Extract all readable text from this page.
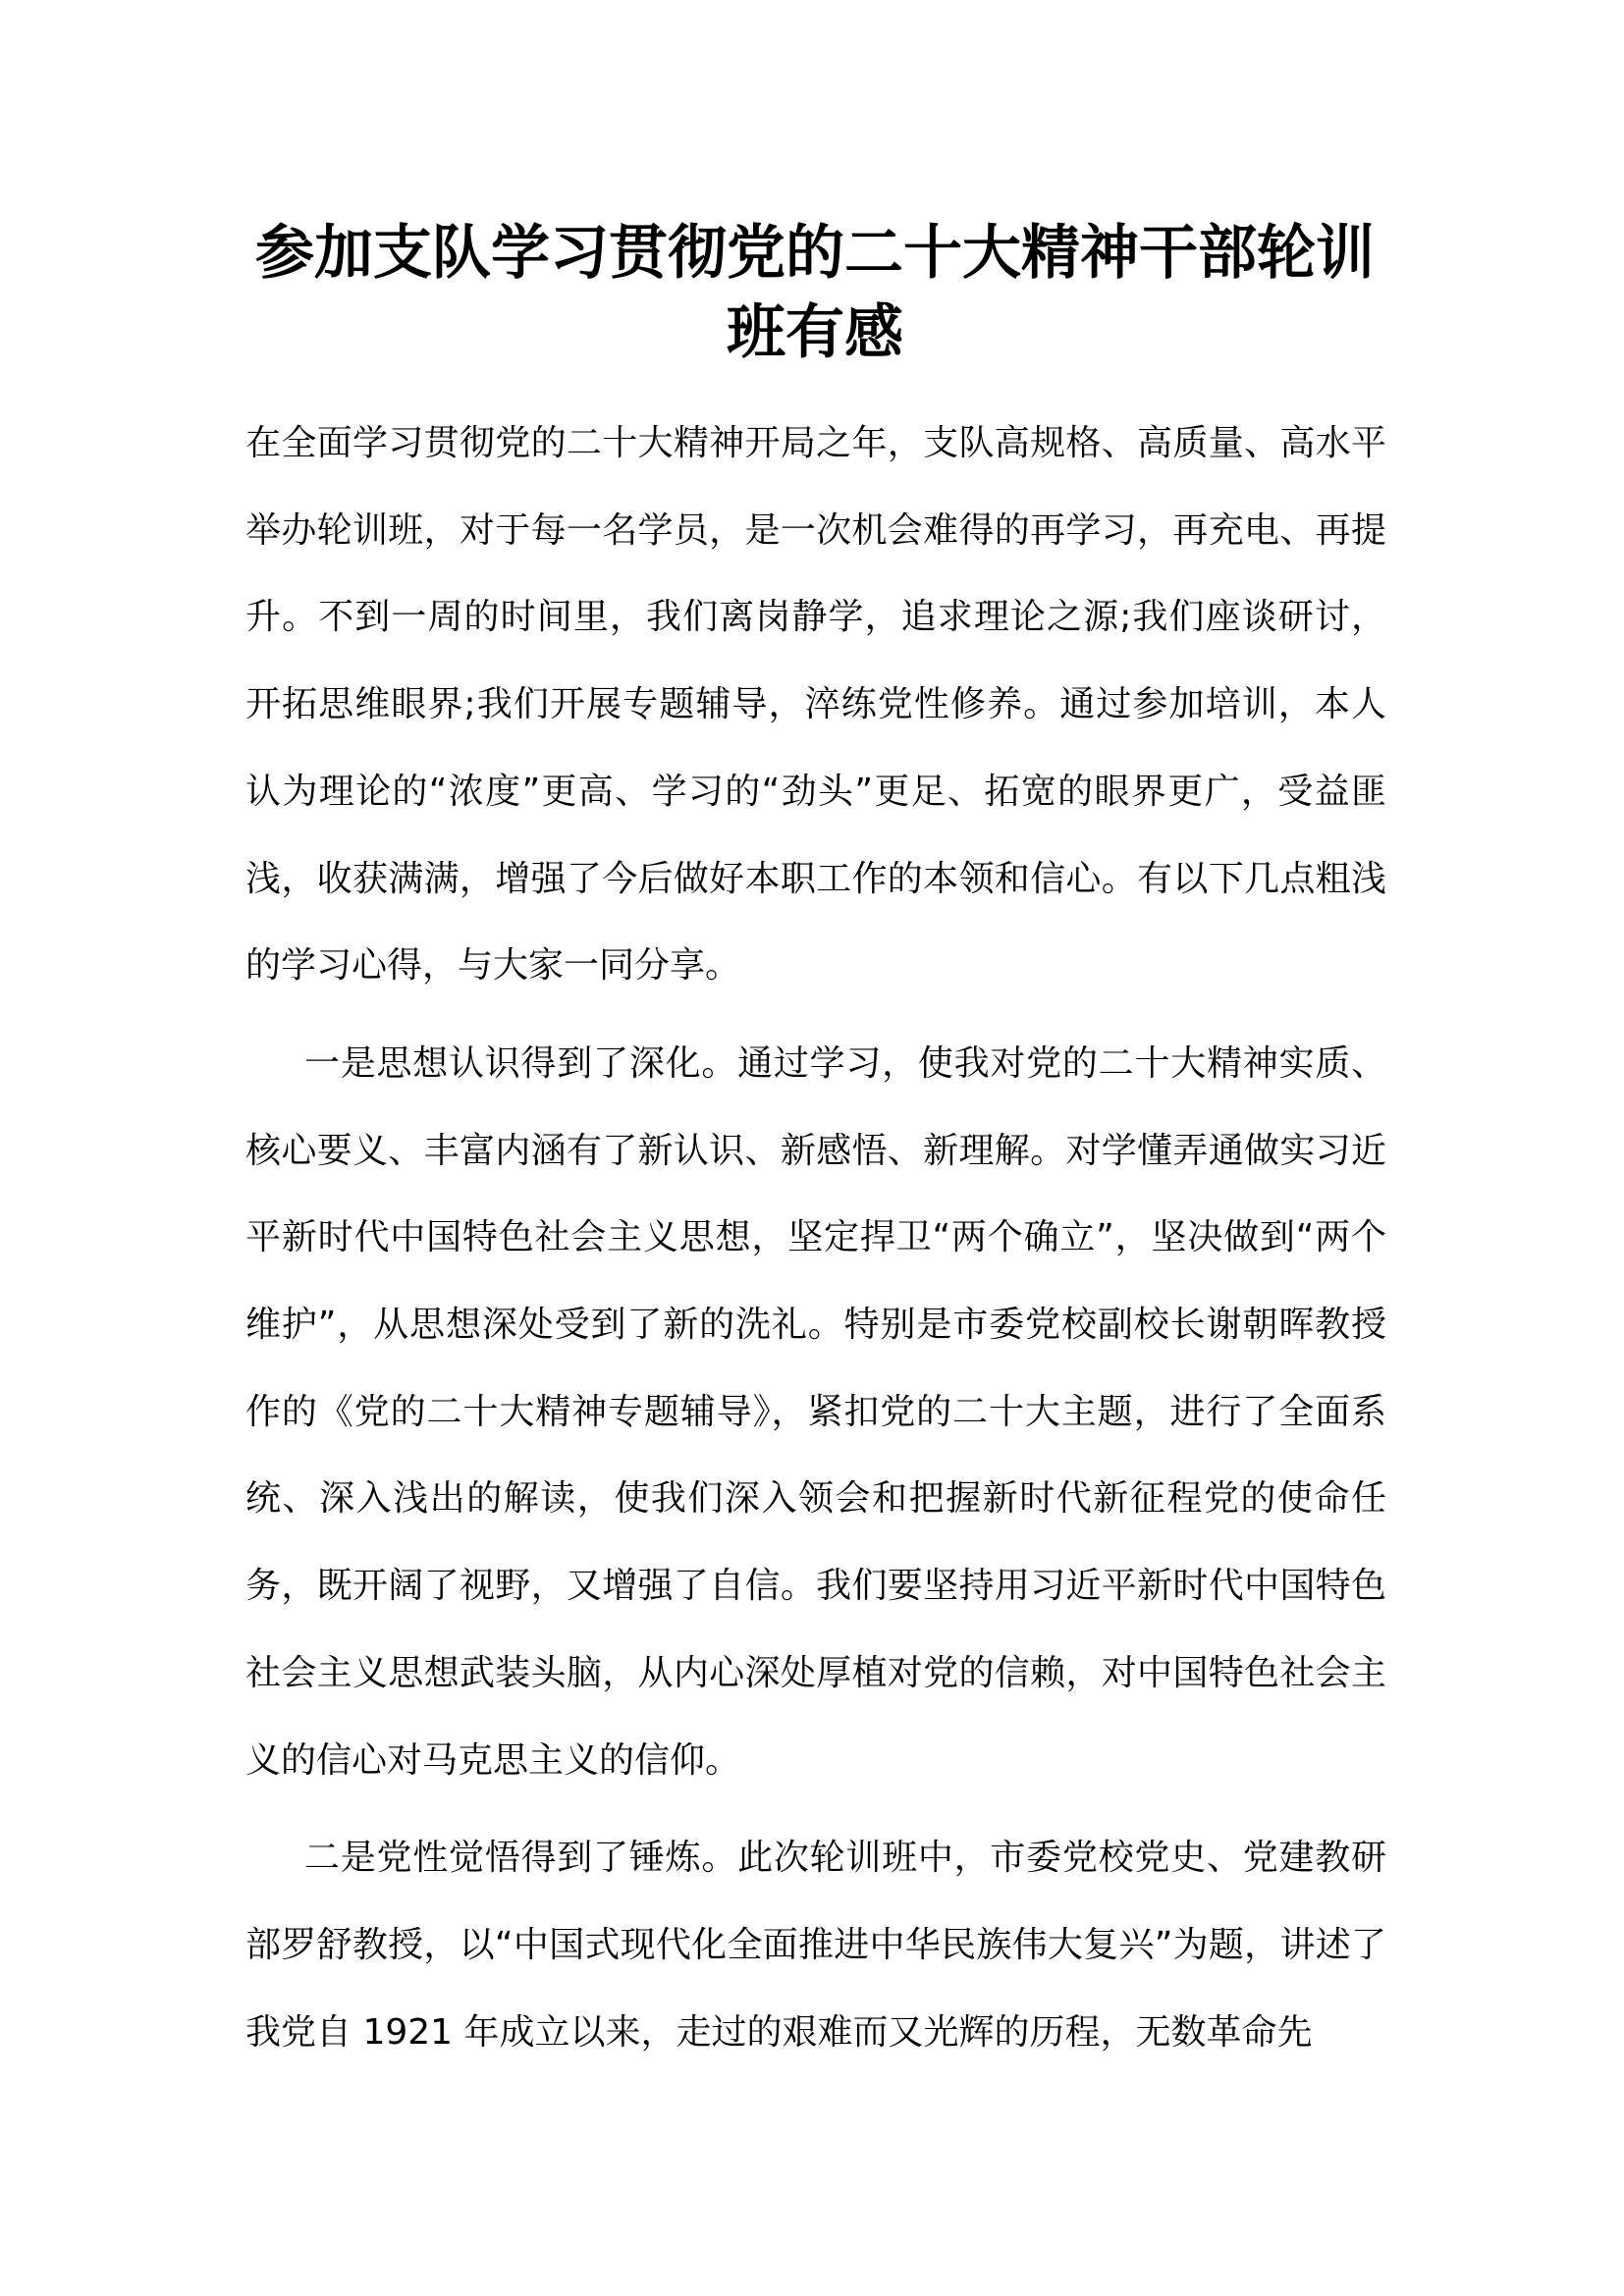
参加支队学习贯彻党的二十大精神干部轮训班有感

在全面学习贯彻党的二十大精神开局之年，支队高规格、高质量、高水平举办轮训班，对于每一名学员，是一次机会难得的再学习，再充电、再提升。不到一周的时间里，我们离岗静学，追求理论之源;我们座谈研讨，开拓思维眼界;我们开展专题辅导，淬练党性修养。通过参加培训，本人认为理论的“浓度”更高、学习的“劲头”更足、拓宽的眼界更广，受益匪浅，收获满满，增强了今后做好本职工作的本领和信心。有以下几点粗浅的学习心得，与大家一同分享。

一是思想认识得到了深化。通过学习，使我对党的二十大精神实质、核心要义、丰富内涵有了新认识、新感悟、新理解。对学懂弄通做实习近平新时代中国特色社会主义思想，坚定捍卫“两个确立”，坚决做到“两个维护”，从思想深处受到了新的洗礼。特别是市委党校副校长谢朝晖教授作的《党的二十大精神专题辅导》，紧扣党的二十大主题，进行了全面系统、深入浅出的解读，使我们深入领会和把握新时代新征程党的使命任务，既开阔了视野，又增强了自信。我们要坚持用习近平新时代中国特色社会主义思想武装头脑，从内心深处厚植对党的信赖，对中国特色社会主义的信心对马克思主义的信仰。

二是党性觉悟得到了锤炼。此次轮训班中，市委党校党史、党建教研部罗舒教授，以“中国式现代化全面推进中华民族伟大复兴”为题，讲述了我党自 1921 年成立以来，走过的艰难而又光辉的历程，无数革命先
